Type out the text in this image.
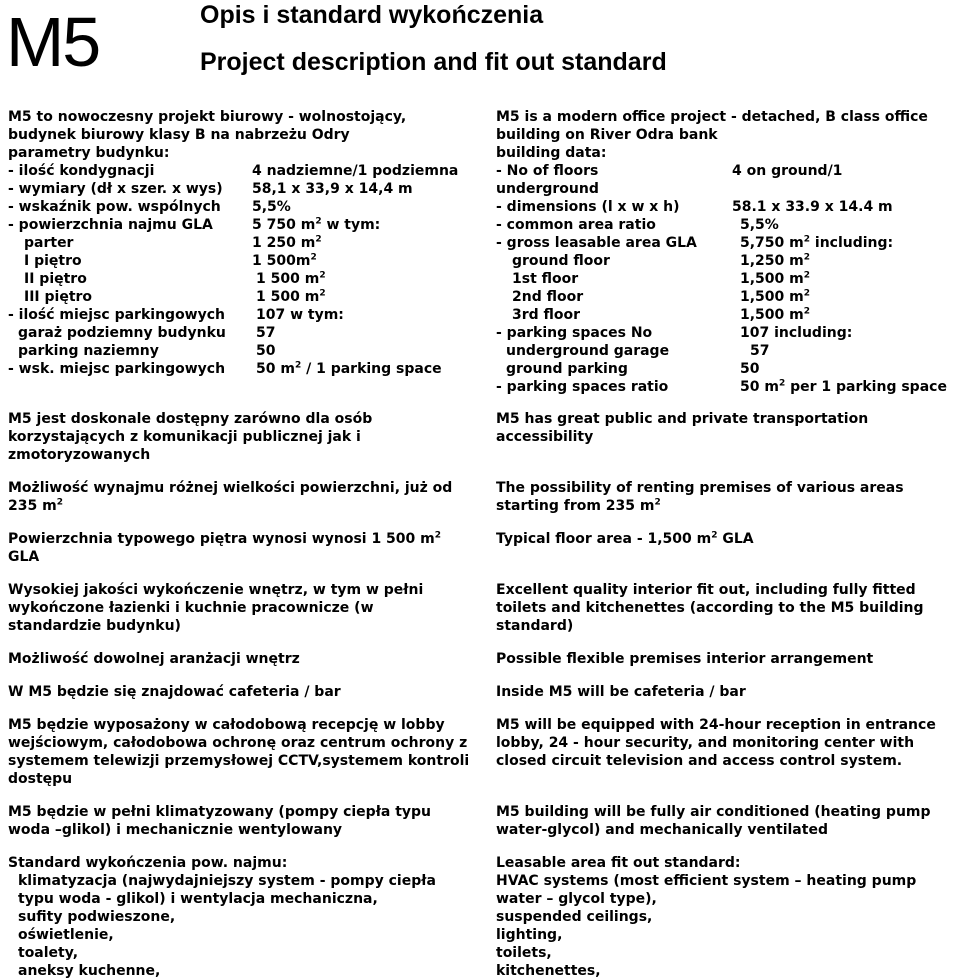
M5	Opis i standard wykończenia
Project description and fit out standard
M5 to nowoczesny projekt biurowy - wolnostojący,
budynek biurowy klasy B na nabrzeżu Odry
parametry budynku:
- ilość kondygnacji	4 nadziemne/1 podziemna
- wymiary (dł x szer. x wys) 58,1 x 33,9 x 14,4 m
- wskaźnik pow. wspólnych 5,5%
- powierzchnia najmu GLA	5 750 $m^2$ w tym:
parter	1 250 $m^2$
I piętro	1 $500m^2$
II piętro	1 500 $m^2$
III piętro	1 500 $m^2$
- ilość miejsc parkingowych 107 w tym:
garaż podziemny budynku 57
parking naziemny	50
- wsk. miejsc parkingowych 50 $m^2 / 1$ parking space
M5 jest doskonale dostępny zarówno dla osób
korzystających z komunikacji publicznej jak i
zmotoryzowanych
Możliwość wynajmu różnej wielkości powierzchni, już od
235 $m^2$
Powierzchnia typowego piętra wynosi wynosi 1 500 $m^2$
GLA
Wysokiej jakości wykończenie wnętrz, w tym w pełni
wykończone łazienki i kuchnie pracownicze (w
standardzie budynku)
Możliwość dowolnej aranżacji wnętrz
W M5 będzie się znajdować cafeteria / bar
M5 będzie wyposażony w całodobową recepcję w lobby
wejściowym, całodobowa ochronę oraz centrum ochrony z
systemem telewizji przemysłowej CCTV,systemem kontroli
dostępu
M5 będzie w pełni klimatyzowany (pompy ciepła typu
woda –glikol) i mechanicznie wentylowany
Standard wykończenia pow. najmu:
klimatyzacja (najwydajniejszy system - pompy ciepła
typu woda - glikol) i wentylacja mechaniczna,
sufity podwieszone,
oświetlenie,
toalety,
aneksy kuchenne,
M5 is a modern office project - detached, B class office
building on River Odra bank
building data:
- No of floors	4 on ground/1
underground
- dimensions (l x w x h)	58.1 x 33.9 x 14.4 m
- common area ratio	5,5%
- gross leasable area GLA	5,750 $m^2$ including:
ground floor	1,250 $m^2$
1st floor	1,500 $m^2$
2nd floor	1,500 $m^2$
3rd floor	1,500 $m^2$
- parking spaces No	107 including:
underground garage	57
ground parking	50
- parking spaces ratio	50 $m^2$ per 1 parking space
M5 has great public and private transportation
accessibility
The possibility of renting premises of various areas
starting from 235 $m^2$
Typical floor area - 1,500 $m^2$ GLA
Excellent quality interior fit out, including fully fitted
toilets and kitchenettes (according to the M5 building
standard)
Possible flexible premises interior arrangement
Inside M5 will be cafeteria / bar
M5 will be equipped with 24-hour reception in entrance
lobby, 24 - hour security, and monitoring center with
closed circuit television and access control system.
M5 building will be fully air conditioned (heating pump
water-glycol) and mechanically ventilated
Leasable area fit out standard:
HVAC systems (most efficient system – heating pump
water – glycol type),
suspended ceilings,
lighting,
toilets,
kitchenettes,
